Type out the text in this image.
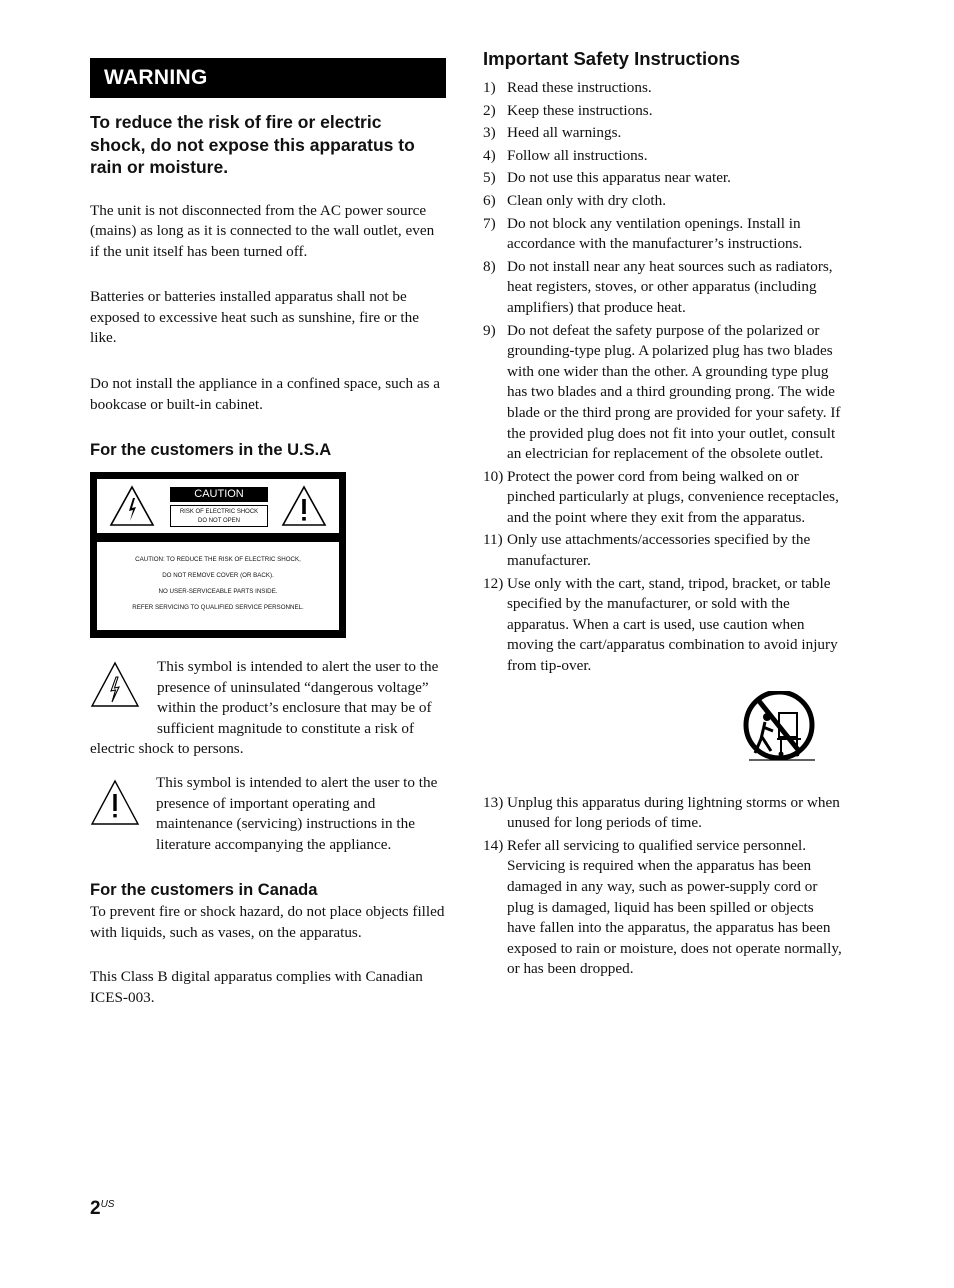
WARNING

To reduce the risk of fire or electric shock, do not expose this apparatus to rain or moisture.

The unit is not disconnected from the AC power source (mains) as long as it is connected to the wall outlet, even if the unit itself has been turned off.

Batteries or batteries installed apparatus shall not be exposed to excessive heat such as sunshine, fire or the like.

Do not install the appliance in a confined space, such as a bookcase or built-in cabinet.

For the customers in the U.S.A
CAUTION
RISK OF ELECTRIC SHOCK
DO NOT OPEN
CAUTION: TO REDUCE THE RISK OF ELECTRIC SHOCK,
DO NOT REMOVE COVER (OR BACK).
NO USER-SERVICEABLE PARTS INSIDE.
REFER SERVICING TO QUALIFIED SERVICE PERSONNEL.
This symbol is intended to alert the user to the presence of uninsulated “dangerous voltage” within the product’s enclosure that may be of sufficient magnitude to constitute a risk of electric shock to persons.
This symbol is intended to alert the user to the presence of important operating and maintenance (servicing) instructions in the literature accompanying the appliance.
For the customers in Canada

To prevent fire or shock hazard, do not place objects filled with liquids, such as vases, on the apparatus.

This Class B digital apparatus complies with Canadian ICES-003.

Important Safety Instructions
1) Read these instructions.
2) Keep these instructions.
3) Heed all warnings.
4) Follow all instructions.
5) Do not use this apparatus near water.
6) Clean only with dry cloth.
7) Do not block any ventilation openings. Install in accordance with the manufacturer’s instructions.
8) Do not install near any heat sources such as radiators, heat registers, stoves, or other apparatus (including amplifiers) that produce heat.
9) Do not defeat the safety purpose of the polarized or grounding-type plug. A polarized plug has two blades with one wider than the other. A grounding type plug has two blades and a third grounding prong. The wide blade or the third prong are provided for your safety. If the provided plug does not fit into your outlet, consult an electrician for replacement of the obsolete outlet.
10) Protect the power cord from being walked on or pinched particularly at plugs, convenience receptacles, and the point where they exit from the apparatus.
11) Only use attachments/accessories specified by the manufacturer.
12) Use only with the cart, stand, tripod, bracket, or table specified by the manufacturer, or sold with the apparatus. When a cart is used, use caution when moving the cart/apparatus combination to avoid injury from tip-over.
13) Unplug this apparatus during lightning storms or when unused for long periods of time.
14) Refer all servicing to qualified service personnel. Servicing is required when the apparatus has been damaged in any way, such as power-supply cord or plug is damaged, liquid has been spilled or objects have fallen into the apparatus, the apparatus has been exposed to rain or moisture, does not operate normally, or has been dropped.
$2^{US}$
